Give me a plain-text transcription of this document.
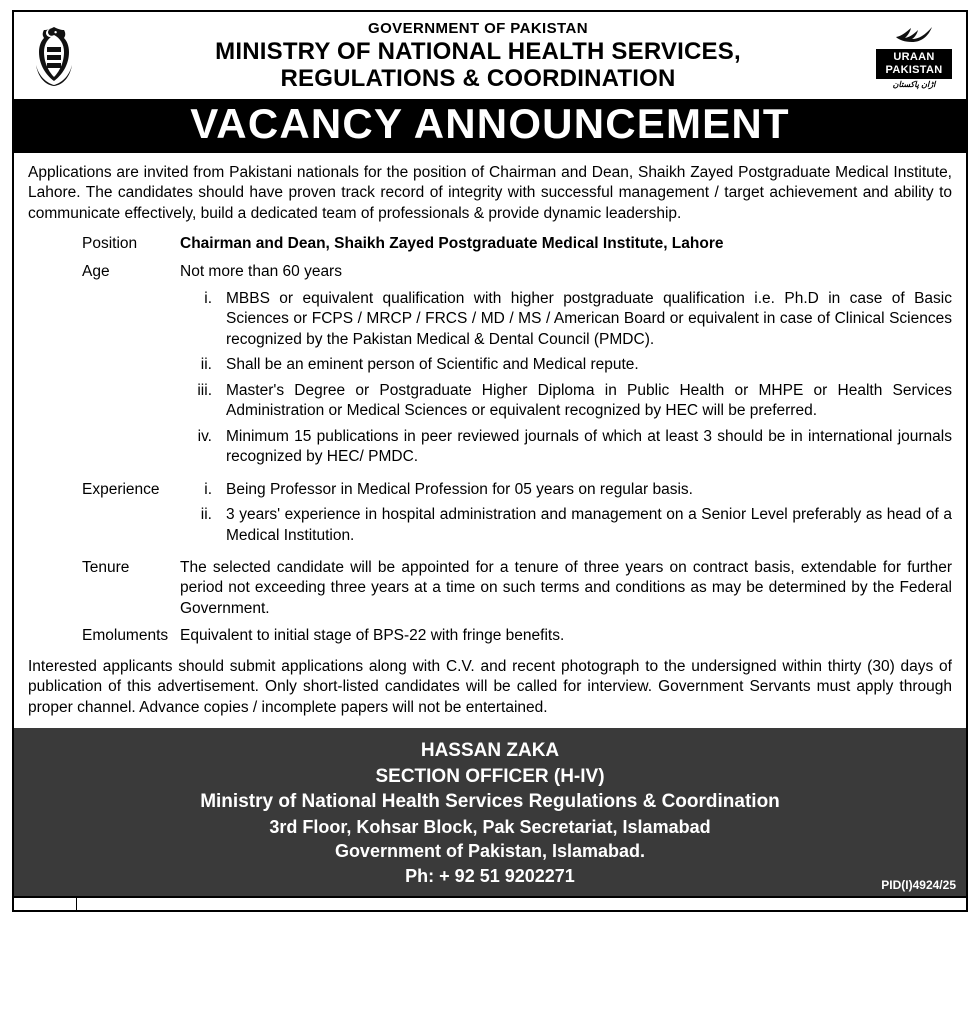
GOVERNMENT OF PAKISTAN
MINISTRY OF NATIONAL HEALTH SERVICES,
REGULATIONS & COORDINATION
URAAN
PAKISTAN
اڑان پاکستان
VACANCY ANNOUNCEMENT
Applications are invited from Pakistani nationals for the position of Chairman and Dean, Shaikh Zayed Postgraduate Medical Institute, Lahore. The candidates should have proven track record of integrity with successful management / target achievement and ability to communicate effectively, build a dedicated team of professionals & provide dynamic leadership.
Position	Chairman and Dean, Shaikh Zayed Postgraduate Medical Institute, Lahore
Age	Not more than 60 years
i. MBBS or equivalent qualification with higher postgraduate qualification i.e. Ph.D in case of Basic Sciences or FCPS / MRCP / FRCS / MD / MS / American Board or equivalent in case of Clinical Sciences recognized by the Pakistan Medical & Dental Council (PMDC).
ii. Shall be an eminent person of Scientific and Medical repute.
iii. Master's Degree or Postgraduate Higher Diploma in Public Health or MHPE or Health Services Administration or Medical Sciences or equivalent recognized by HEC will be preferred.
iv. Minimum 15 publications in peer reviewed journals of which at least 3 should be in international journals recognized by HEC/ PMDC.
Experience	i. Being Professor in Medical Profession for 05 years on regular basis.
ii. 3 years' experience in hospital administration and management on a Senior Level preferably as head of a Medical Institution.
Tenure	The selected candidate will be appointed for a tenure of three years on contract basis, extendable for further period not exceeding three years at a time on such terms and conditions as may be determined by the Federal Government.
Emoluments Equivalent to initial stage of BPS-22 with fringe benefits.
Interested applicants should submit applications along with C.V. and recent photograph to the undersigned within thirty (30) days of publication of this advertisement. Only short-listed candidates will be called for interview. Government Servants must apply through proper channel. Advance copies / incomplete papers will not be entertained.
HASSAN ZAKA
SECTION OFFICER (H-IV)
Ministry of National Health Services Regulations & Coordination
3rd Floor, Kohsar Block, Pak Secretariat, Islamabad
Government of Pakistan, Islamabad.
Ph: + 92 51 9202271	PID(I)4924/25
